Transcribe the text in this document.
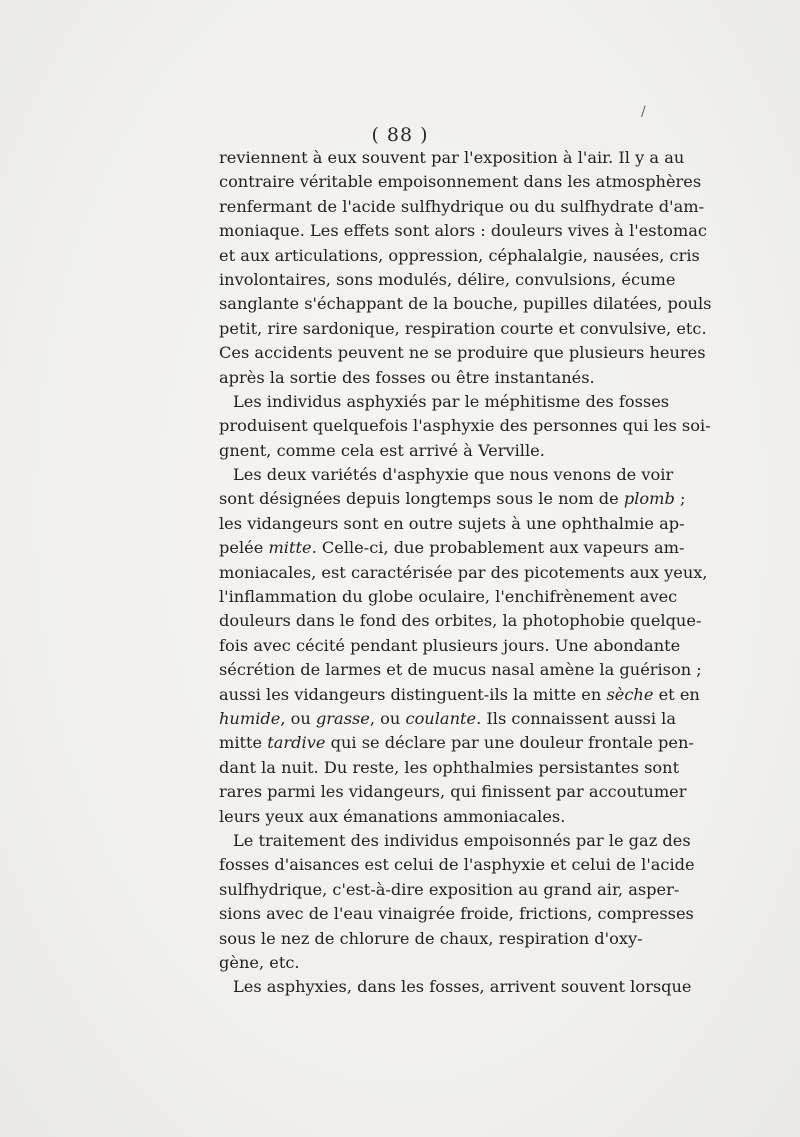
( 88 )
reviennent à eux souvent par l'exposition à l'air. Il y a au
contraire véritable empoisonnement dans les atmosphères
renfermant de l'acide sulfhydrique ou du sulfhydrate d'am-
moniaque. Les effets sont alors : douleurs vives à l'estomac
et aux articulations, oppression, céphalalgie, nausées, cris
involontaires, sons modulés, délire, convulsions, écume
sanglante s'échappant de la bouche, pupilles dilatées, pouls
petit, rire sardonique, respiration courte et convulsive, etc.
Ces accidents peuvent ne se produire que plusieurs heures
après la sortie des fosses ou être instantanés.
Les individus asphyxiés par le méphitisme des fosses
produisent quelquefois l'asphyxie des personnes qui les soi-
gnent, comme cela est arrivé à Verville.
Les deux variétés d'asphyxie que nous venons de voir
sont désignées depuis longtemps sous le nom de plomb ;
les vidangeurs sont en outre sujets à une ophthalmie ap-
pelée mitte. Celle-ci, due probablement aux vapeurs am-
moniacales, est caractérisée par des picotements aux yeux,
l'inflammation du globe oculaire, l'enchifrènement avec
douleurs dans le fond des orbites, la photophobie quelque-
fois avec cécité pendant plusieurs jours. Une abondante
sécrétion de larmes et de mucus nasal amène la guérison ;
aussi les vidangeurs distinguent-ils la mitte en sèche et en
humide, ou grasse, ou coulante. Ils connaissent aussi la
mitte tardive qui se déclare par une douleur frontale pen-
dant la nuit. Du reste, les ophthalmies persistantes sont
rares parmi les vidangeurs, qui finissent par accoutumer
leurs yeux aux émanations ammoniacales.
Le traitement des individus empoisonnés par le gaz des
fosses d'aisances est celui de l'asphyxie et celui de l'acide
sulfhydrique, c'est-à-dire exposition au grand air, asper-
sions avec de l'eau vinaigrée froide, frictions, compresses
sous le nez de chlorure de chaux, respiration d'oxy-
gène, etc.
Les asphyxies, dans les fosses, arrivent souvent lorsque
/
